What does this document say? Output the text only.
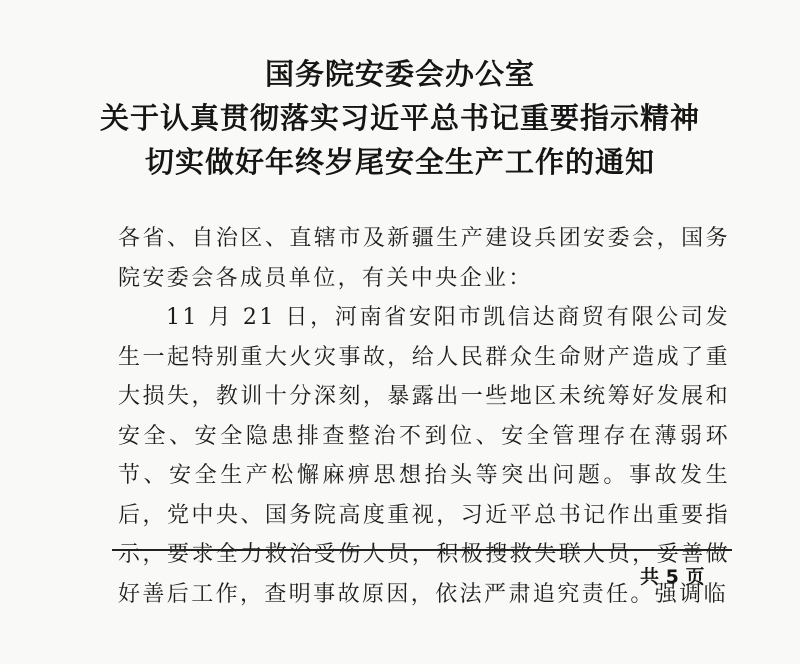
国务院安委会办公室
关于认真贯彻落实习近平总书记重要指示精神
切实做好年终岁尾安全生产工作的通知

各省、自治区、直辖市及新疆生产建设兵团安委会，国务院安委会各成员单位，有关中央企业：

11 月 21 日，河南省安阳市凯信达商贸有限公司发生一起特别重大火灾事故，给人民群众生命财产造成了重大损失，教训十分深刻，暴露出一些地区未统筹好发展和安全、安全隐患排查整治不到位、安全管理存在薄弱环节、安全生产松懈麻痹思想抬头等突出问题。事故发生后，党中央、国务院高度重视，习近平总书记作出重要指示，要求全力救治受伤人员，积极搜救失联人员，妥善做好善后工作，查明事故原因，依法严肃追究责任。强调临

共 5 页
